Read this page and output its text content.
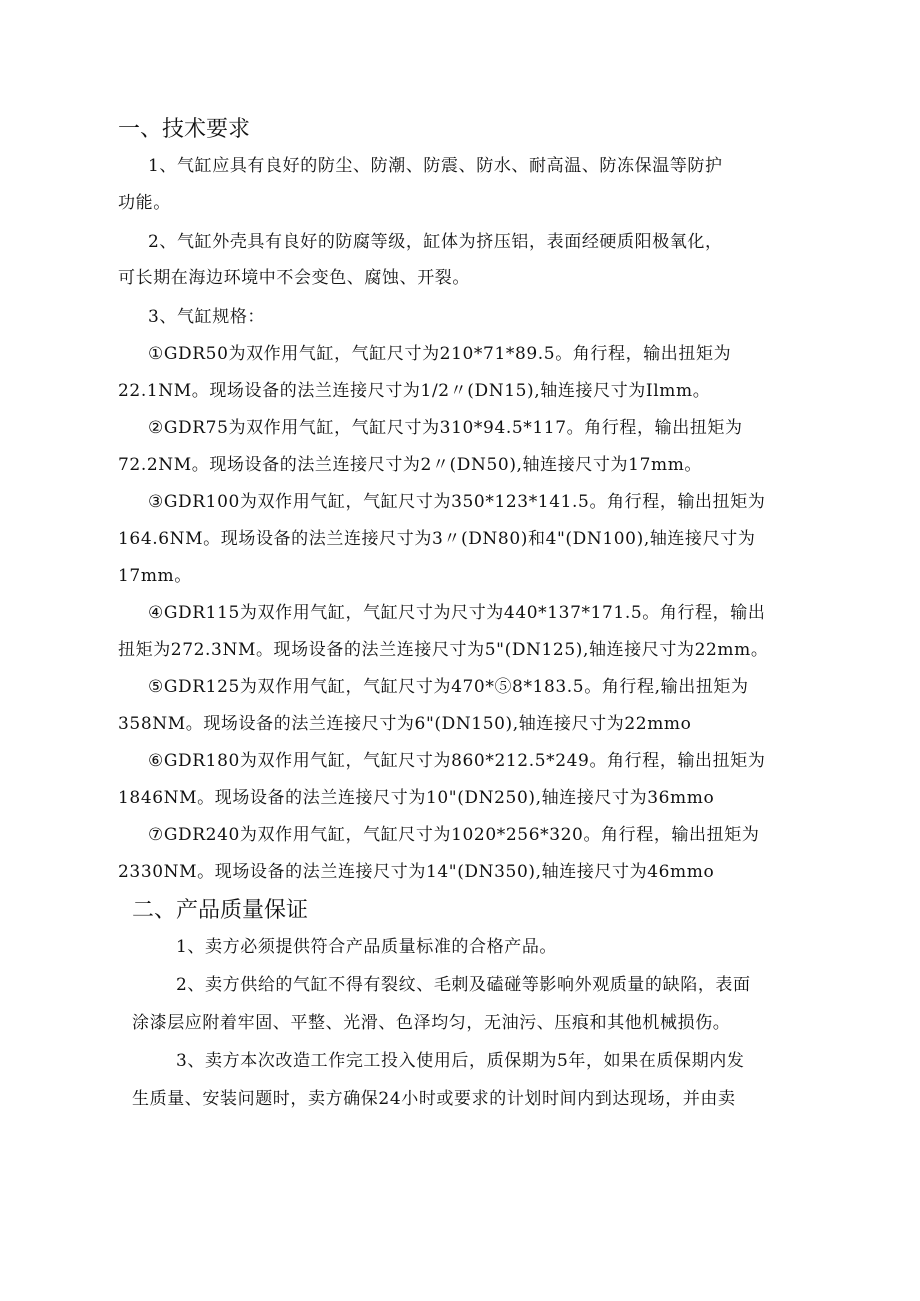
一、技术要求
1、气缸应具有良好的防尘、防潮、防震、防水、耐高温、防冻保温等防护
功能。
2、气缸外壳具有良好的防腐等级，缸体为挤压铝，表面经硬质阳极氧化，
可长期在海边环境中不会变色、腐蚀、开裂。
3、气缸规格：
①GDR50为双作用气缸，气缸尺寸为210*71*89.5。角行程，输出扭矩为
22.1NM。现场设备的法兰连接尺寸为1/2〃(DN15),轴连接尺寸为Ilmm。
②GDR75为双作用气缸，气缸尺寸为310*94.5*117。角行程，输出扭矩为
72.2NM。现场设备的法兰连接尺寸为2〃(DN50),轴连接尺寸为17mm。
③GDR100为双作用气缸，气缸尺寸为350*123*141.5。角行程，输出扭矩为
164.6NM。现场设备的法兰连接尺寸为3〃(DN80)和4"(DN100),轴连接尺寸为
17mm。
④GDR115为双作用气缸，气缸尺寸为尺寸为440*137*171.5。角行程，输出
扭矩为272.3NM。现场设备的法兰连接尺寸为5"(DN125),轴连接尺寸为22mm。
⑤GDR125为双作用气缸，气缸尺寸为470*⑤8*183.5。角行程,输出扭矩为
358NM。现场设备的法兰连接尺寸为6"(DN150),轴连接尺寸为22mmo
⑥GDR180为双作用气缸，气缸尺寸为860*212.5*249。角行程，输出扭矩为
1846NM。现场设备的法兰连接尺寸为10"(DN250),轴连接尺寸为36mmo
⑦GDR240为双作用气缸，气缸尺寸为1020*256*320。角行程，输出扭矩为
2330NM。现场设备的法兰连接尺寸为14"(DN350),轴连接尺寸为46mmo
二、产品质量保证
1、卖方必须提供符合产品质量标准的合格产品。
2、卖方供给的气缸不得有裂纹、毛刺及磕碰等影响外观质量的缺陷，表面
涂漆层应附着牢固、平整、光滑、色泽均匀，无油污、压痕和其他机械损伤。
3、卖方本次改造工作完工投入使用后，质保期为5年，如果在质保期内发
生质量、安装问题时，卖方确保24小时或要求的计划时间内到达现场，并由卖
